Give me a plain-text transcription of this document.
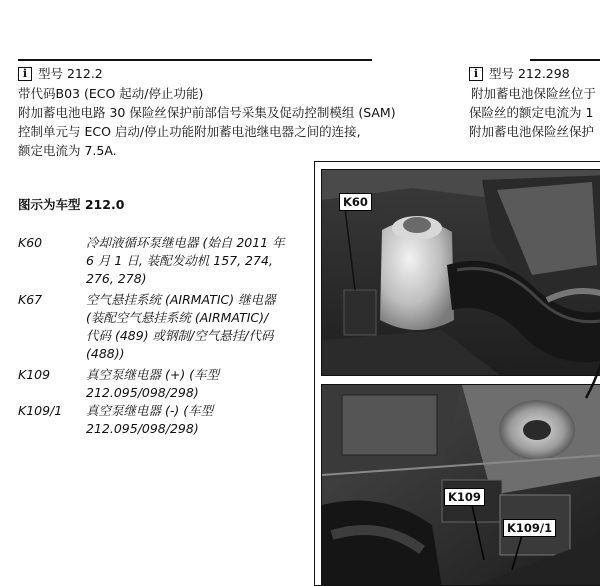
i 型号 212.2
带代码B03 (ECO 起动/停止功能)
附加蓄电池电路 30 保险丝保护前部信号采集及促动控制模组 (SAM)
控制单元与 ECO 启动/停止功能附加蓄电池继电器之间的连接,
额定电流为 7.5A.
图示为车型 212.0
K60	冷却液循环泵继电器 (始自 2011 年
6 月 1 日, 装配发动机 157, 274,
276, 278)
K67	空气悬挂系统 (AIRMATIC) 继电器
(装配空气悬挂系统 (AIRMATIC)/
代码 (489) 或钢制/空气悬挂/代码
(488))
K109	真空泵继电器 (+) (车型
212.095/098/298)
K109/1 真空泵继电器 (-) (车型
212.095/098/298)
i 型号 212.298
附加蓄电池保险丝位于
保险丝的额定电流为 1
附加蓄电池保险丝保护
K60
K109
K109/1
